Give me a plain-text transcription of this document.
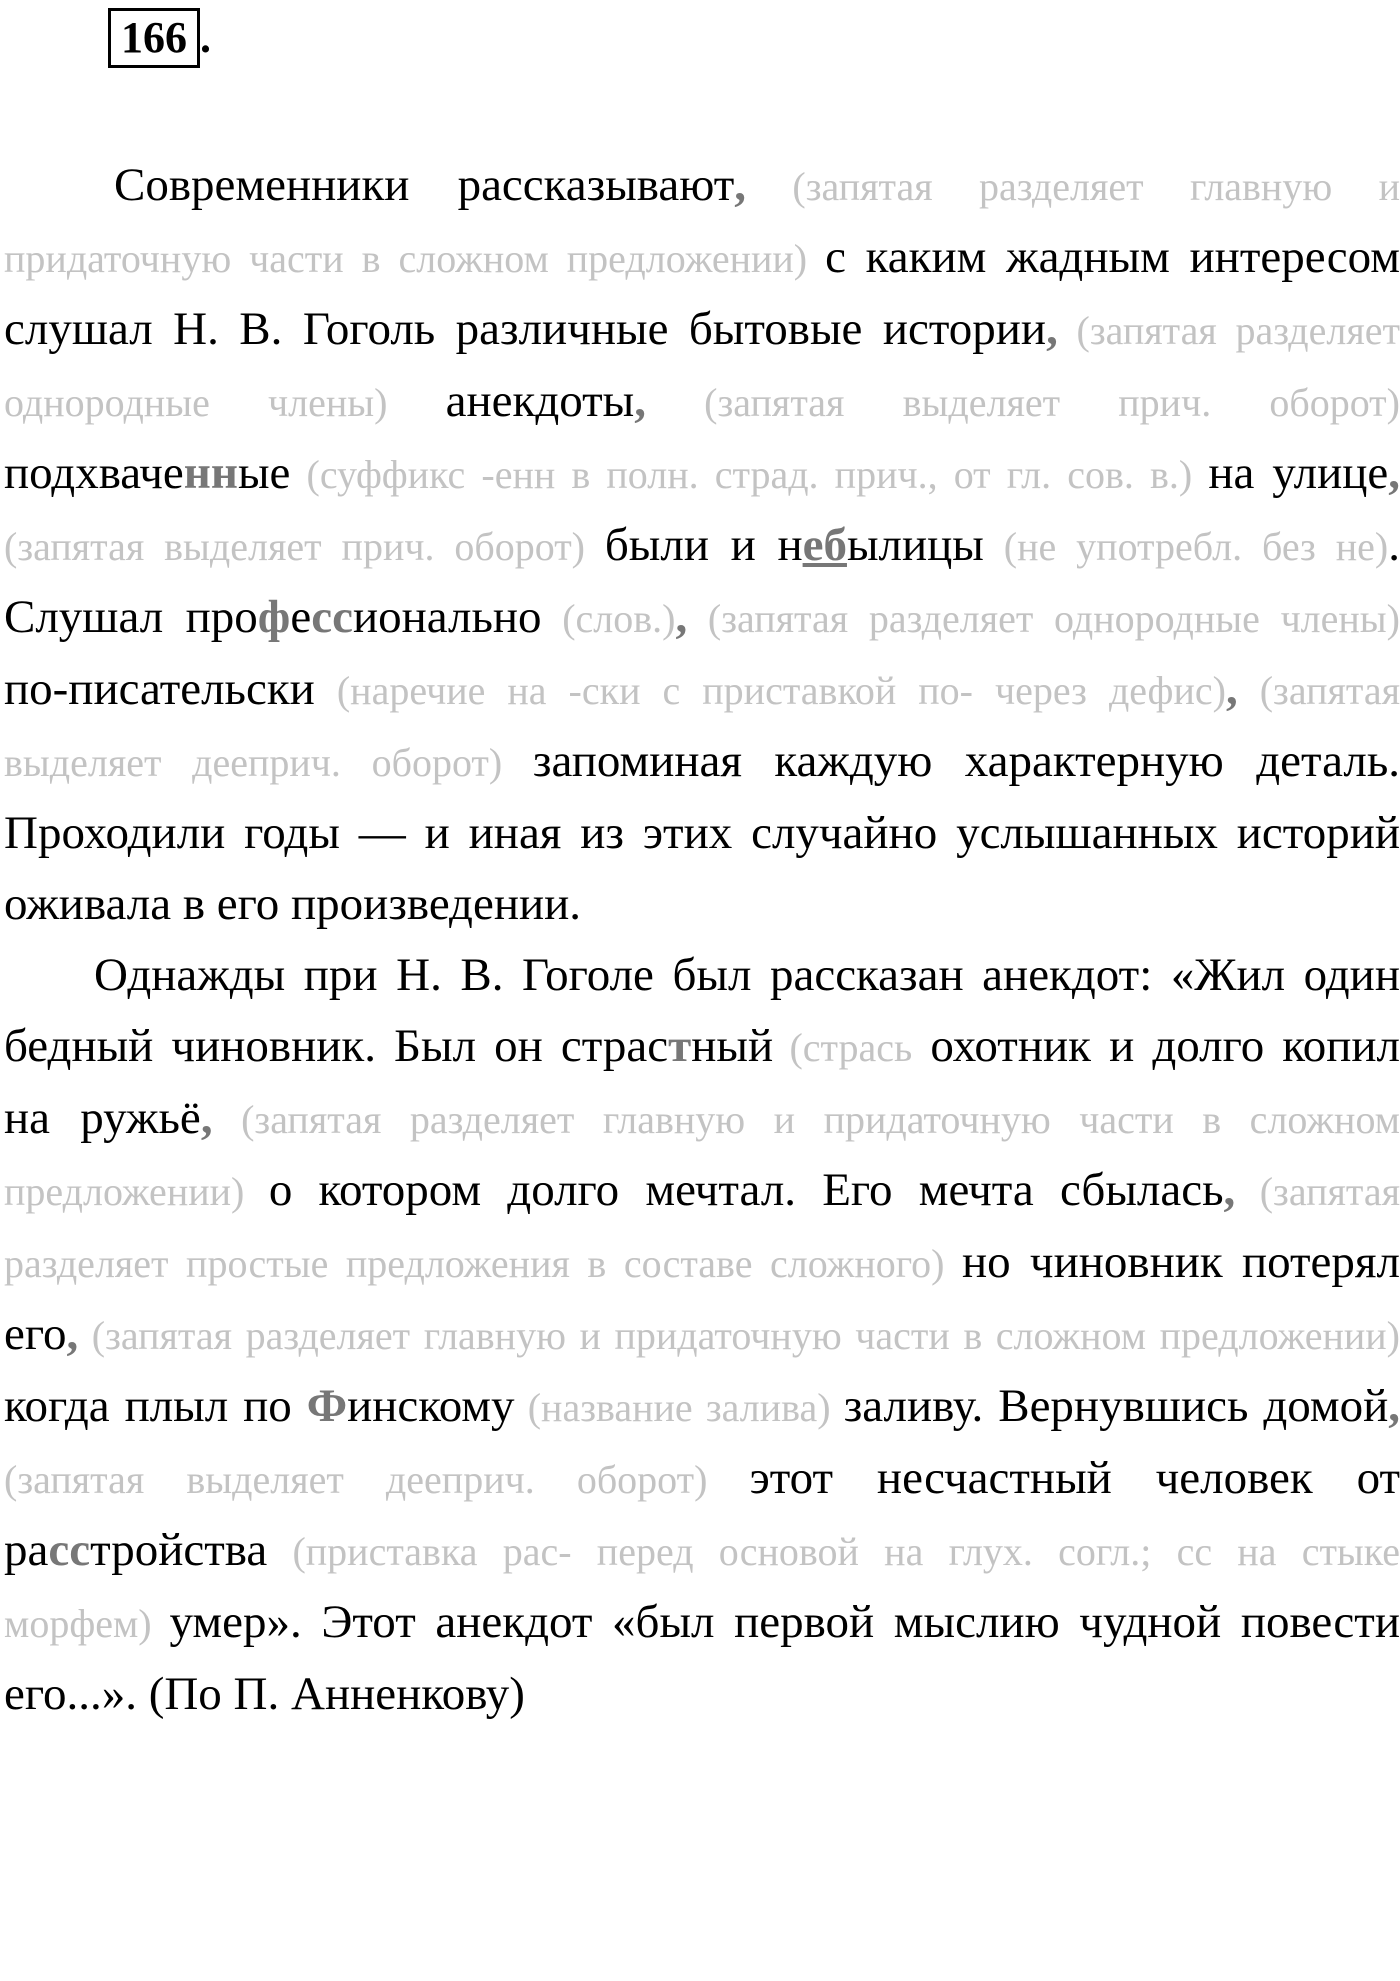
166 .

Современники рассказывают, (запятая разделяет главную и придаточную части в сложном предложении) с каким жадным интересом слушал Н. В. Гоголь различные бытовые истории, (запятая разделяет однородные члены) анекдоты, (запятая выделяет прич. оборот) подхваченные (суффикс -енн в полн. страд. прич., от гл. сов. в.) на улице, (запятая выделяет прич. оборот) были и небылицы (не употребл. без не). Слушал профессионально (слов.), (запятая разделяет однородные члены) по-писательски (наречие на -ски с приставкой по- через дефис), (запятая выделяет дееприч. оборот) запоминая каждую характерную деталь. Проходили годы — и иная из этих случайно услышанных историй оживала в его произведении.

Однажды при Н. В. Гоголе был рассказан анекдот: «Жил один бедный чиновник. Был он страстный (стрась охотник и долго копил на ружьё, (запятая разделяет главную и придаточную части в сложном предложении) о котором долго мечтал. Его мечта сбылась, (запятая разделяет простые предложения в составе сложного) но чиновник потерял его, (запятая разделяет главную и придаточную части в сложном предложении) когда плыл по Финскому (название залива) заливу. Вернувшись домой, (запятая выделяет дееприч. оборот) этот несчастный человек от расстройства (приставка рас- перед основой на глух. согл.; сс на стыке морфем) умер». Этот анекдот «был первой мыслию чудной повести его...». (По П. Анненкову)
